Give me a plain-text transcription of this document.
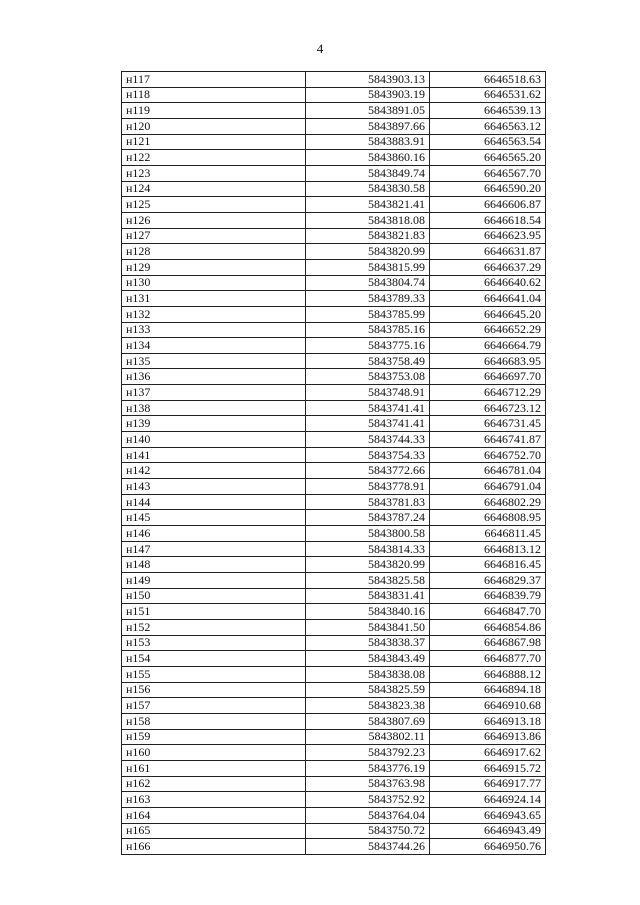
4
н117	5843903.13	6646518.63
н118	5843903.19	6646531.62
н119	5843891.05	6646539.13
н120	5843897.66	6646563.12
н121	5843883.91	6646563.54
н122	5843860.16	6646565.20
н123	5843849.74	6646567.70
н124	5843830.58	6646590.20
н125	5843821.41	6646606.87
н126	5843818.08	6646618.54
н127	5843821.83	6646623.95
н128	5843820.99	6646631.87
н129	5843815.99	6646637.29
н130	5843804.74	6646640.62
н131	5843789.33	6646641.04
н132	5843785.99	6646645.20
н133	5843785.16	6646652.29
н134	5843775.16	6646664.79
н135	5843758.49	6646683.95
н136	5843753.08	6646697.70
н137	5843748.91	6646712.29
н138	5843741.41	6646723.12
н139	5843741.41	6646731.45
н140	5843744.33	6646741.87
н141	5843754.33	6646752.70
н142	5843772.66	6646781.04
н143	5843778.91	6646791.04
н144	5843781.83	6646802.29
н145	5843787.24	6646808.95
н146	5843800.58	6646811.45
н147	5843814.33	6646813.12
н148	5843820.99	6646816.45
н149	5843825.58	6646829.37
н150	5843831.41	6646839.79
н151	5843840.16	6646847.70
н152	5843841.50	6646854.86
н153	5843838.37	6646867.98
н154	5843843.49	6646877.70
н155	5843838.08	6646888.12
н156	5843825.59	6646894.18
н157	5843823.38	6646910.68
н158	5843807.69	6646913.18
н159	5843802.11	6646913.86
н160	5843792.23	6646917.62
н161	5843776.19	6646915.72
н162	5843763.98	6646917.77
н163	5843752.92	6646924.14
н164	5843764.04	6646943.65
н165	5843750.72	6646943.49
н166	5843744.26	6646950.76
